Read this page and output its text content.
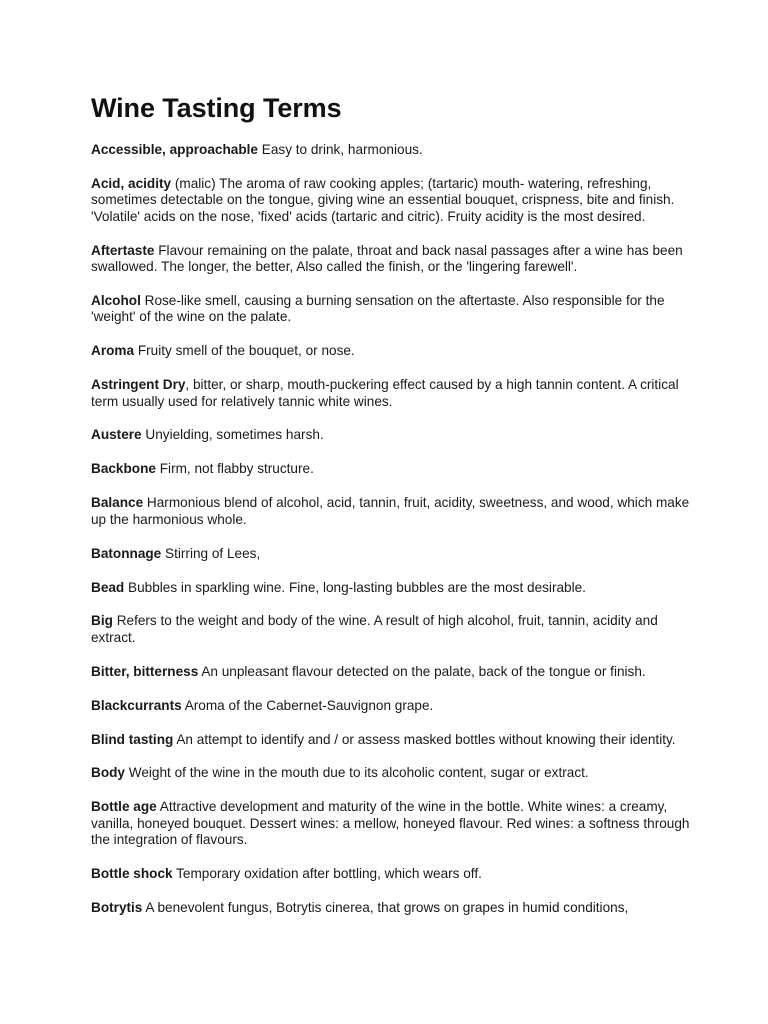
Wine Tasting Terms

Accessible, approachable Easy to drink, harmonious.

Acid, acidity (malic) The aroma of raw cooking apples; (tartaric) mouth- watering, refreshing, sometimes detectable on the tongue, giving wine an essential bouquet, crispness, bite and finish. 'Volatile' acids on the nose, 'fixed' acids (tartaric and citric). Fruity acidity is the most desired.

Aftertaste Flavour remaining on the palate, throat and back nasal passages after a wine has been swallowed. The longer, the better, Also called the finish, or the 'lingering farewell'.

Alcohol Rose-like smell, causing a burning sensation on the aftertaste. Also responsible for the 'weight' of the wine on the palate.

Aroma Fruity smell of the bouquet, or nose.

Astringent Dry, bitter, or sharp, mouth-puckering effect caused by a high tannin content. A critical term usually used for relatively tannic white wines.

Austere Unyielding, sometimes harsh.

Backbone Firm, not flabby structure.

Balance Harmonious blend of alcohol, acid, tannin, fruit, acidity, sweetness, and wood, which make up the harmonious whole.

Batonnage Stirring of Lees,

Bead Bubbles in sparkling wine. Fine, long-lasting bubbles are the most desirable.

Big Refers to the weight and body of the wine. A result of high alcohol, fruit, tannin, acidity and extract.

Bitter, bitterness An unpleasant flavour detected on the palate, back of the tongue or finish.

Blackcurrants Aroma of the Cabernet-Sauvignon grape.

Blind tasting An attempt to identify and / or assess masked bottles without knowing their identity.

Body Weight of the wine in the mouth due to its alcoholic content, sugar or extract.

Bottle age Attractive development and maturity of the wine in the bottle. White wines: a creamy, vanilla, honeyed bouquet. Dessert wines: a mellow, honeyed flavour. Red wines: a softness through the integration of flavours.

Bottle shock Temporary oxidation after bottling, which wears off.

Botrytis A benevolent fungus, Botrytis cinerea, that grows on grapes in humid conditions,
